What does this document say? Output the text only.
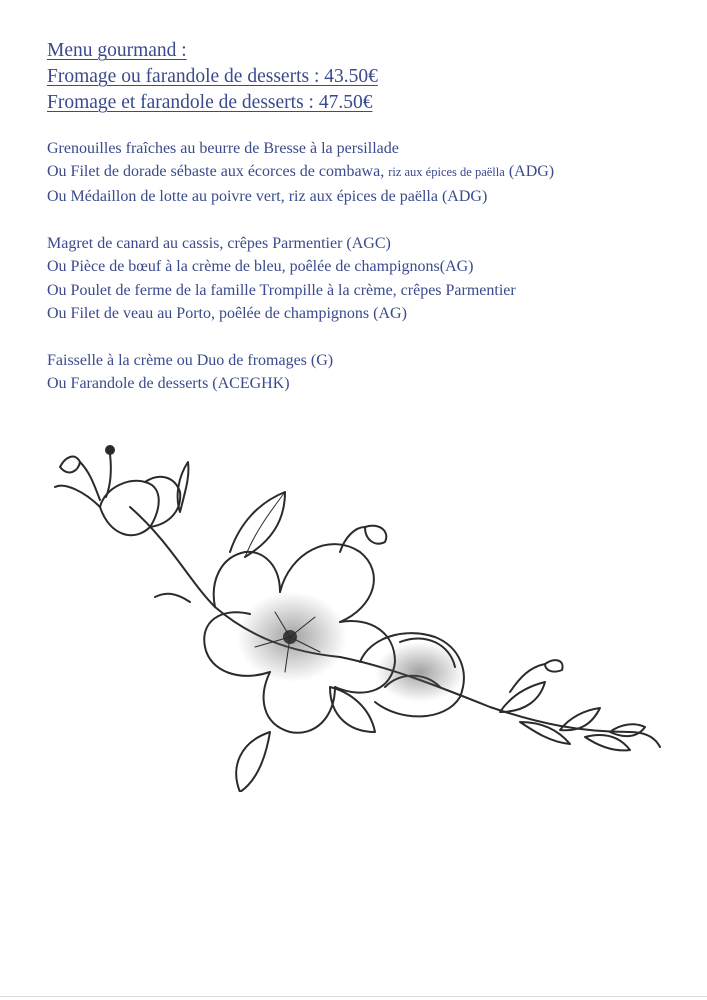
Menu gourmand :
Fromage ou farandole de desserts : 43.50€
Fromage et farandole de desserts : 47.50€
Grenouilles fraîches au beurre de Bresse à la persillade
Ou Filet de dorade sébaste aux écorces de combawa, riz aux épices de paëlla (ADG)
Ou Médaillon de lotte au poivre vert, riz aux épices de paëlla (ADG)
Magret de canard au cassis, crêpes Parmentier (AGC)
Ou Pièce de bœuf à la crème de bleu, poêlée de champignons(AG)
Ou Poulet de ferme de la famille Trompille à la crème, crêpes Parmentier
Ou Filet de veau au Porto, poêlée de champignons (AG)
Faisselle à la crème ou Duo de fromages (G)
Ou Farandole de desserts (ACEGHK)
